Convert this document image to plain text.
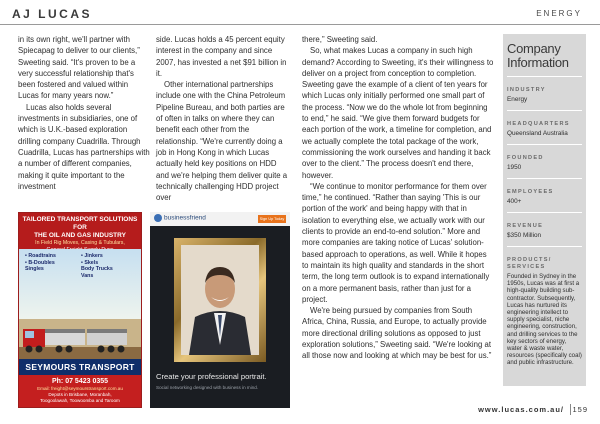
AJ LUCAS	ENERGY

in its own right, we'll partner with Spiecapag to deliver to our clients,” Sweeting said. “It's proven to be a very successful relationship that's been fostered and valued within Lucas for many years now.”

Lucas also holds several investments in subsidiaries, one of which is U.K.-based exploration drilling company Cuadrilla. Through Cuadrilla, Lucas has partnerships with a number of different companies, making it quite important to the investment

side. Lucas holds a 45 percent equity interest in the company and since 2007, has invested a net $91 billion in it.

Other international partnerships include one with the China Petroleum Pipeline Bureau, and both parties are of often in talks on where they can benefit each other from the relationship. “We're currently doing a job in Hong Kong in which Lucas actually held key positions on HDD and we're helping them deliver quite a technically challenging HDD project over

there,” Sweeting said.

So, what makes Lucas a company in such high demand? According to Sweeting, it's their willingness to deliver on a project from conception to completion. Sweeting gave the example of a client of ten years for which Lucas only initially performed one small part of the process. “Now we do the whole lot from beginning to end,” he said. “We give them forward budgets for each portion of the work, a timeline for completion, and we actually complete the total package of the work, commissioning the work ourselves and handing it back over to the client.” The process doesn't end there, however.

“We continue to monitor performance for them over time,” he continued. “Rather than saying 'This is our portion of the work' and being happy with that in isolation to everything else, we actually work with our clients to provide an end-to-end solution.” More and more companies are taking notice of Lucas' solution-based approach to operations, as well. While it hopes to maintain its high quality and standards in the short term, the long term outlook is to expand internationally on a more permanent basis, rather than just for a project.

We're being pursued by companies from South Africa, China, Russia, and Europe, to actually provide more directional drilling solutions as opposed to just exploration solutions,” Sweeting said. “We're looking at all those now and looking at which may be best for us.”

TAILORED TRANSPORT SOLUTIONS FOR
THE OIL AND GAS INDUSTRY
In Field Rig Moves, Casing & Tubulars,
• Roadtrains
• B-Doubles
Singles
• Jinkers
• Skels
Body Trucks
Vans
SEYMOURS TRANSPORT
Ph: 07 5423 0355
Email: freight@seymourstransport.com.au
Depots in Brisbane, Moranbah,
Toogoolawah, Toowoomba and Taroom
businessfriend	Sign Up Today
Create your professional portrait.
Social networking designed with business in mind.
Company
Information
INDUSTRY
Energy
HEADQUARTERS
Queensland Australia
FOUNDED
1950
EMPLOYEES
400+
REVENUE
$350 Million
PRODUCTS/
SERVICES
Founded in Sydney in the 1950s, Lucas was at first a high-quality building sub-contractor. Subsequently, Lucas has nurtured its engineering intellect to supply specialist, niche engineering, construction, and drilling services to the key sectors of energy, water & waste water, resources (specifically coal) and public infrastructure.
www.lucas.com.au/ 159
